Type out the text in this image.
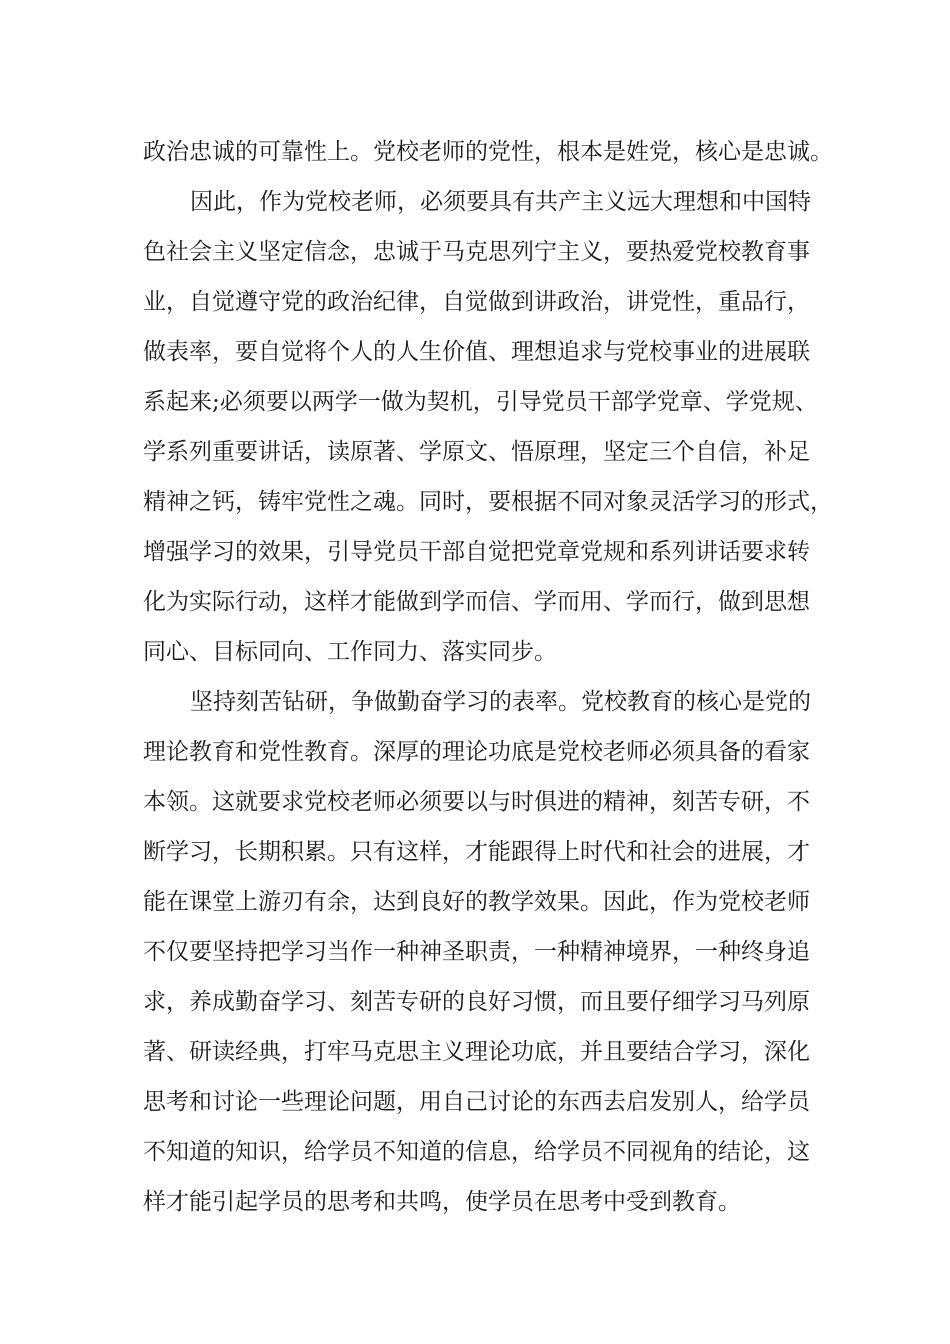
政治忠诚的可靠性上。党校老师的党性，根本是姓党，核心是忠诚。
因此，作为党校老师，必须要具有共产主义远大理想和中国特
色社会主义坚定信念，忠诚于马克思列宁主义，要热爱党校教育事
业，自觉遵守党的政治纪律，自觉做到讲政治，讲党性，重品行，
做表率，要自觉将个人的人生价值、理想追求与党校事业的进展联
系起来;必须要以两学一做为契机，引导党员干部学党章、学党规、
学系列重要讲话，读原著、学原文、悟原理，坚定三个自信，补足
精神之钙，铸牢党性之魂。同时，要根据不同对象灵活学习的形式，
增强学习的效果，引导党员干部自觉把党章党规和系列讲话要求转
化为实际行动，这样才能做到学而信、学而用、学而行，做到思想
同心、目标同向、工作同力、落实同步。
坚持刻苦钻研，争做勤奋学习的表率。党校教育的核心是党的
理论教育和党性教育。深厚的理论功底是党校老师必须具备的看家
本领。这就要求党校老师必须要以与时俱进的精神，刻苦专研，不
断学习，长期积累。只有这样，才能跟得上时代和社会的进展，才
能在课堂上游刃有余，达到良好的教学效果。因此，作为党校老师
不仅要坚持把学习当作一种神圣职责，一种精神境界，一种终身追
求，养成勤奋学习、刻苦专研的良好习惯，而且要仔细学习马列原
著、研读经典，打牢马克思主义理论功底，并且要结合学习，深化
思考和讨论一些理论问题，用自己讨论的东西去启发别人，给学员
不知道的知识，给学员不知道的信息，给学员不同视角的结论，这
样才能引起学员的思考和共鸣，使学员在思考中受到教育。
